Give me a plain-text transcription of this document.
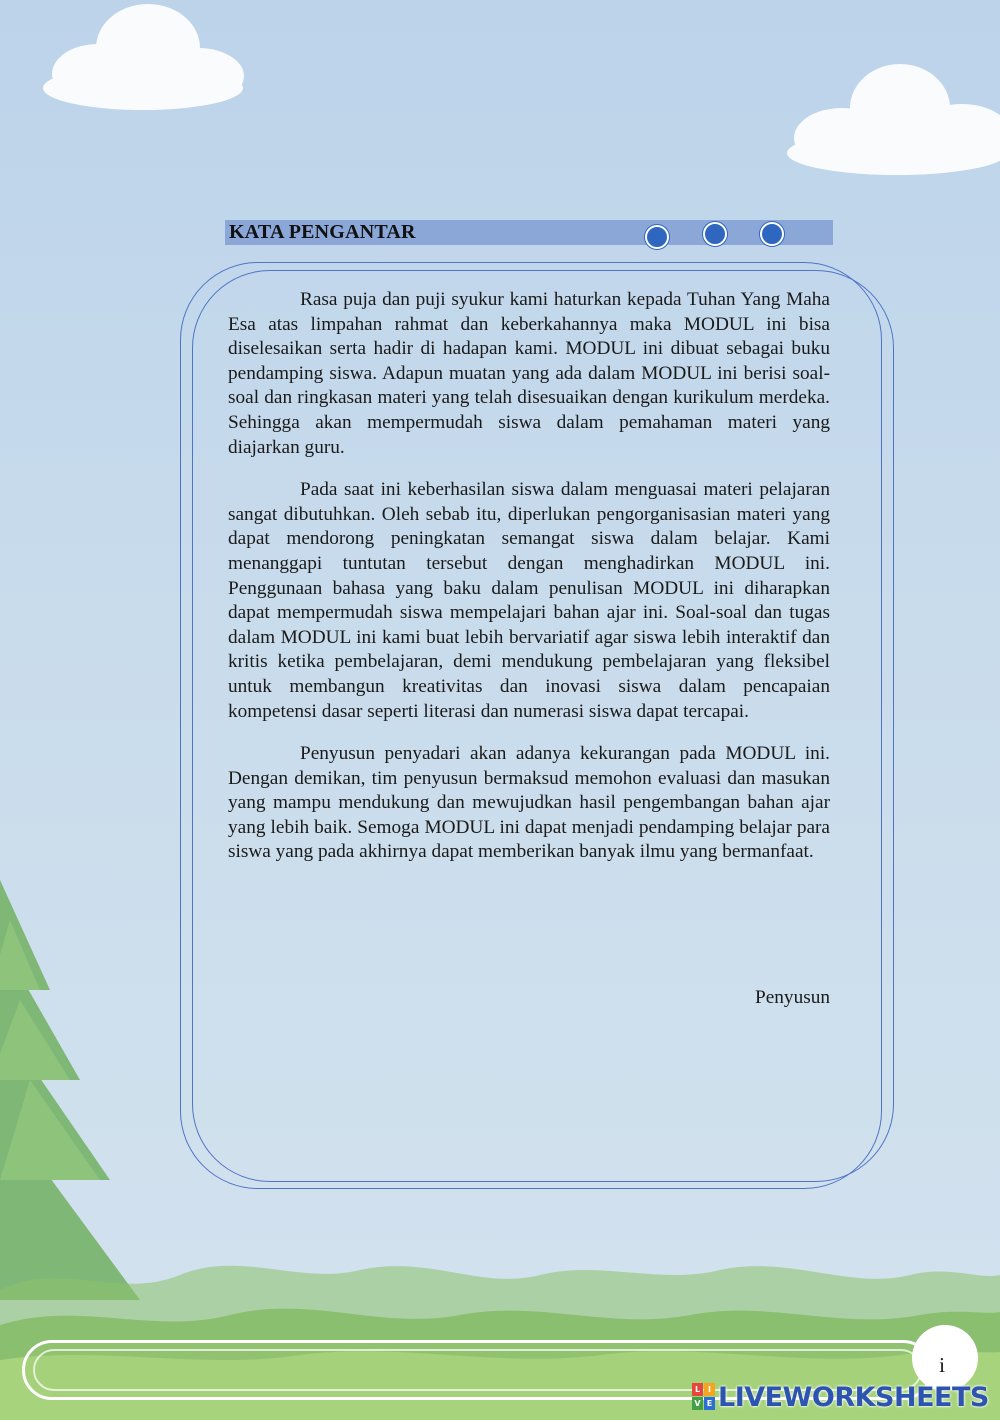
KATA PENGANTAR

Rasa puja dan puji syukur kami haturkan kepada Tuhan Yang Maha Esa atas limpahan rahmat dan keberkahannya maka MODUL ini bisa diselesaikan serta hadir di hadapan kami. MODUL ini dibuat sebagai buku pendamping siswa. Adapun muatan yang ada dalam MODUL ini berisi soal-soal dan ringkasan materi yang telah disesuaikan dengan kurikulum merdeka. Sehingga akan mempermudah siswa dalam pemahaman materi yang diajarkan guru.

Pada saat ini keberhasilan siswa dalam menguasai materi pelajaran sangat dibutuhkan. Oleh sebab itu, diperlukan pengorganisasian materi yang dapat mendorong peningkatan semangat siswa dalam belajar. Kami menanggapi tuntutan tersebut dengan menghadirkan MODUL ini. Penggunaan bahasa yang baku dalam penulisan MODUL ini diharapkan dapat mempermudah siswa mempelajari bahan ajar ini. Soal-soal dan tugas dalam MODUL ini kami buat lebih bervariatif agar siswa lebih interaktif dan kritis ketika pembelajaran, demi mendukung pembelajaran yang fleksibel untuk membangun kreativitas dan inovasi siswa dalam pencapaian kompetensi dasar seperti literasi dan numerasi siswa dapat tercapai.

Penyusun penyadari akan adanya kekurangan pada MODUL ini. Dengan demikan, tim penyusun bermaksud memohon evaluasi dan masukan yang mampu mendukung dan mewujudkan hasil pengembangan bahan ajar yang lebih baik. Semoga MODUL ini dapat menjadi pendamping belajar para siswa yang pada akhirnya dapat memberikan banyak ilmu yang bermanfaat.

Penyusun
i
L I
V E LIVEWORKSHEETS
